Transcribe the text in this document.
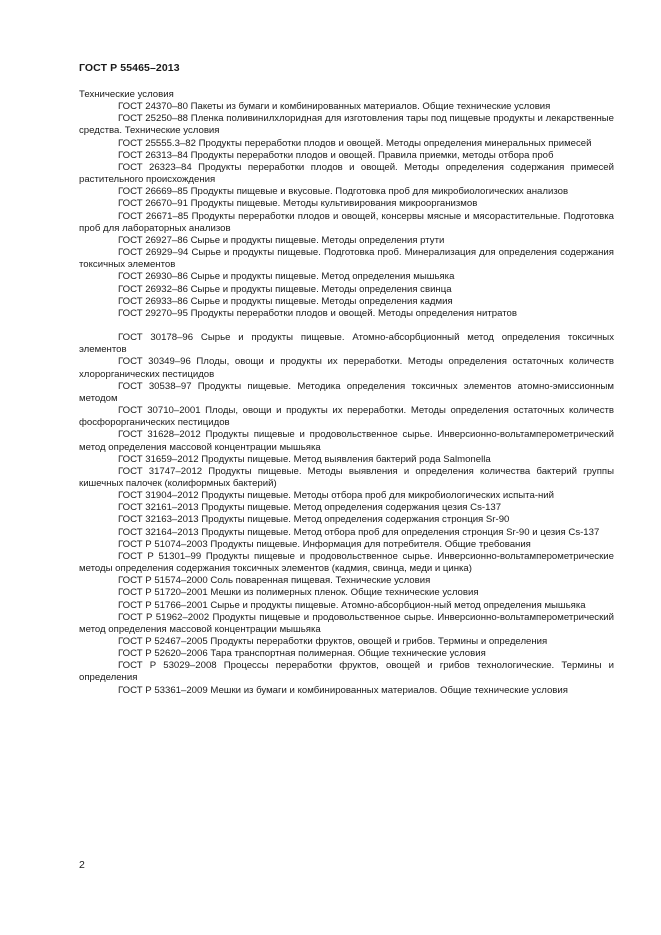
ГОСТ Р 55465–2013

Технические условия

ГОСТ 24370–80 Пакеты из бумаги и комбинированных материалов. Общие технические условия

ГОСТ 25250–88 Пленка поливинилхлоридная для изготовления тары под пищевые продукты и лекарственные средства. Технические условия

ГОСТ 25555.3–82 Продукты переработки плодов и овощей. Методы определения минеральных примесей

ГОСТ 26313–84 Продукты переработки плодов и овощей. Правила приемки, методы отбора проб

ГОСТ 26323–84 Продукты переработки плодов и овощей. Методы определения содержания примесей растительного происхождения

ГОСТ 26669–85 Продукты пищевые и вкусовые. Подготовка проб для микробиологических анализов

ГОСТ 26670–91 Продукты пищевые. Методы культивирования микроорганизмов

ГОСТ 26671–85 Продукты переработки плодов и овощей, консервы мясные и мясорастительные. Подготовка проб для лабораторных анализов

ГОСТ 26927–86 Сырье и продукты пищевые. Методы определения ртути

ГОСТ 26929–94 Сырье и продукты пищевые. Подготовка проб. Минерализация для определения содержания токсичных элементов

ГОСТ 26930–86 Сырье и продукты пищевые. Метод определения мышьяка

ГОСТ 26932–86 Сырье и продукты пищевые. Методы определения свинца

ГОСТ 26933–86 Сырье и продукты пищевые. Методы определения кадмия

ГОСТ 29270–95 Продукты переработки плодов и овощей. Методы определения нитратов

ГОСТ 30178–96 Сырье и продукты пищевые. Атомно-абсорбционный метод определения токсичных элементов

ГОСТ 30349–96 Плоды, овощи и продукты их переработки. Методы определения остаточных количеств хлорорганических пестицидов

ГОСТ 30538–97 Продукты пищевые. Методика определения токсичных элементов атомно-эмиссионным методом

ГОСТ 30710–2001 Плоды, овощи и продукты их переработки. Методы определения остаточных количеств фосфорорганических пестицидов

ГОСТ 31628–2012 Продукты пищевые и продовольственное сырье. Инверсионно-вольтамперометрический метод определения массовой концентрации мышьяка

ГОСТ 31659–2012 Продукты пищевые. Метод выявления бактерий рода Salmonella

ГОСТ 31747–2012 Продукты пищевые. Методы выявления и определения количества бактерий группы кишечных палочек (колиформных бактерий)

ГОСТ 31904–2012 Продукты пищевые. Методы отбора проб для микробиологических испыта-ний

ГОСТ 32161–2013 Продукты пищевые. Метод определения содержания цезия Cs-137

ГОСТ 32163–2013 Продукты пищевые. Метод определения содержания стронция Sr-90

ГОСТ 32164–2013 Продукты пищевые. Метод отбора проб для определения стронция Sr-90 и цезия Cs-137

ГОСТ Р 51074–2003 Продукты пищевые. Информация для потребителя. Общие требования

ГОСТ Р 51301–99 Продукты пищевые и продовольственное сырье. Инверсионно-вольтамперометрические методы определения содержания токсичных элементов (кадмия, свинца, меди и цинка)

ГОСТ Р 51574–2000 Соль поваренная пищевая. Технические условия

ГОСТ Р 51720–2001 Мешки из полимерных пленок. Общие технические условия

ГОСТ Р 51766–2001 Сырье и продукты пищевые. Атомно-абсорбцион-ный метод определения мышьяка

ГОСТ Р 51962–2002 Продукты пищевые и продовольственное сырье. Инверсионно-вольтамперометрический метод определения массовой концентрации мышьяка

ГОСТ Р 52467–2005 Продукты переработки фруктов, овощей и грибов. Термины и определения

ГОСТ Р 52620–2006 Тара транспортная полимерная. Общие технические условия

ГОСТ Р 53029–2008 Процессы переработки фруктов, овощей и грибов технологические. Термины и определения

ГОСТ Р 53361–2009 Мешки из бумаги и комбинированных материалов. Общие технические условия

2
